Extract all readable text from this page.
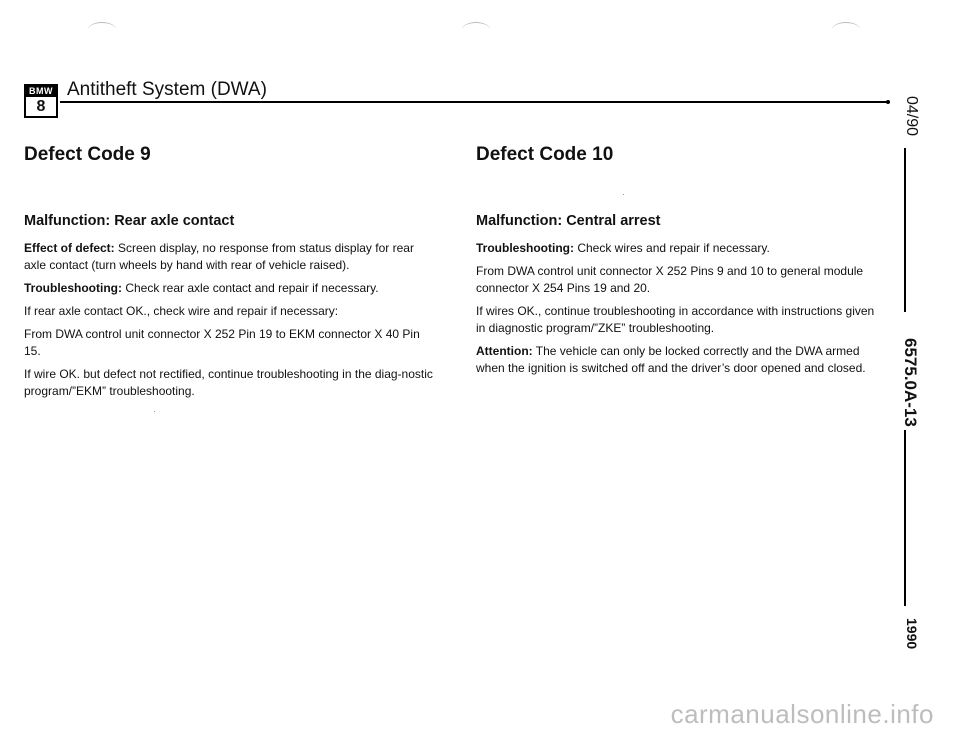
BMW
8
Antitheft System (DWA)
Defect Code 9
Malfunction: Rear axle contact

Effect of defect: Screen display, no response from status display for rear axle contact (turn wheels by hand with rear of vehicle raised).

Troubleshooting: Check rear axle contact and repair if necessary.

If rear axle contact OK., check wire and repair if necessary:

From DWA control unit connector X 252 Pin 19 to EKM connector X 40 Pin 15.

If wire OK. but defect not rectified, continue troubleshooting in the diag-nostic program/”EKM” troubleshooting.

Defect Code 10
Malfunction: Central arrest

Troubleshooting: Check wires and repair if necessary.

From DWA control unit connector X 252 Pins 9 and 10 to general module connector X 254 Pins 19 and 20.

If wires OK., continue troubleshooting in accordance with instructions given in diagnostic program/”ZKE” troubleshooting.

Attention: The vehicle can only be locked correctly and the DWA armed when the ignition is switched off and the driver’s door opened and closed.

04/90
6575.0A-13
1990
carmanualsonline.info
